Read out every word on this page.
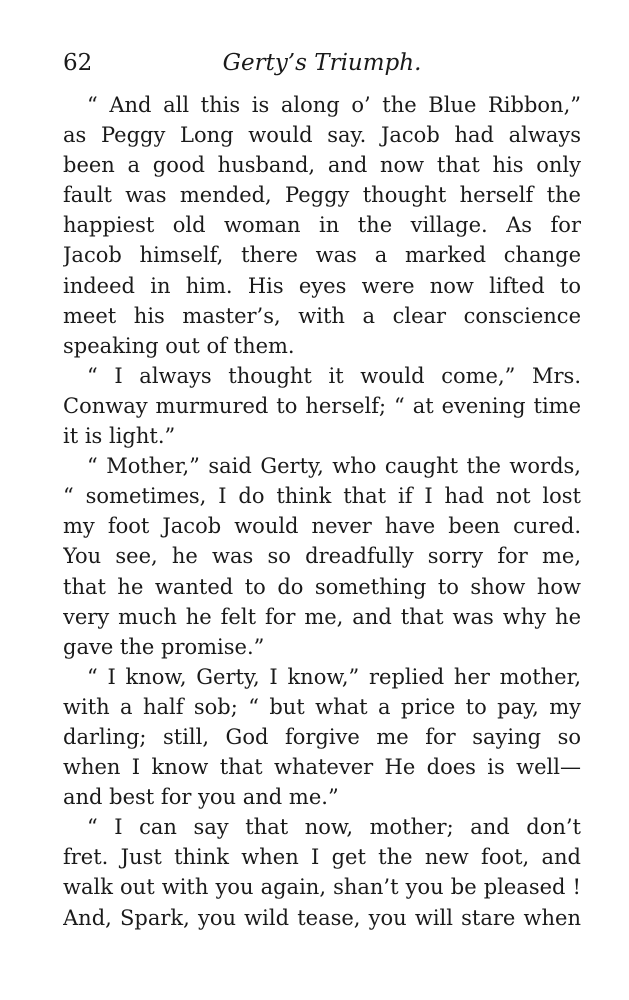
62	Gerty’s Triumph.
“ And all this is along o’ the Blue Ribbon,”
as Peggy Long would say. Jacob had always
been a good husband, and now that his only
fault was mended, Peggy thought herself the
happiest old woman in the village. As for
Jacob himself, there was a marked change
indeed in him. His eyes were now lifted to
meet his master’s, with a clear conscience
speaking out of them.
“ I always thought it would come,” Mrs.
Conway murmured to herself; “ at evening time
it is light.”
“ Mother,” said Gerty, who caught the words,
“ sometimes, I do think that if I had not lost
my foot Jacob would never have been cured.
You see, he was so dreadfully sorry for me,
that he wanted to do something to show how
very much he felt for me, and that was why he
gave the promise.”
“ I know, Gerty, I know,” replied her mother,
with a half sob; “ but what a price to pay, my
darling; still, God forgive me for saying so
when I know that whatever He does is well—
and best for you and me.”
“ I can say that now, mother; and don’t
fret. Just think when I get the new foot, and
walk out with you again, shan’t you be pleased !
And, Spark, you wild tease, you will stare when
